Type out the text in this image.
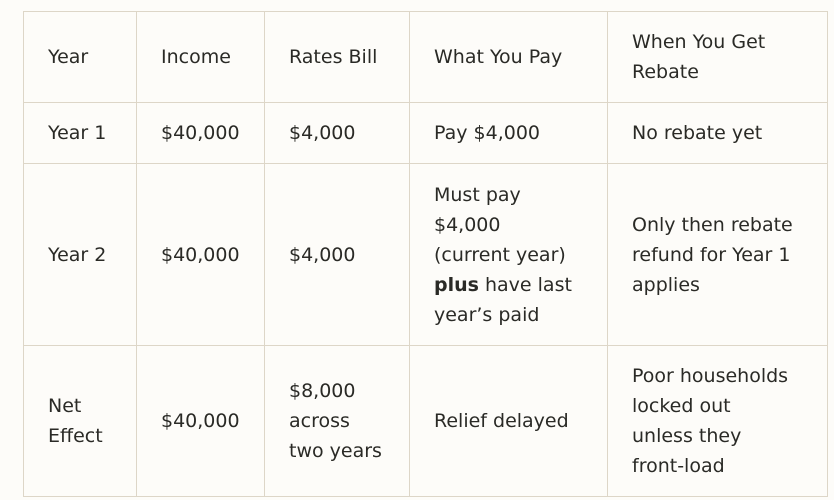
Year	Income	Rates Bill	What You Pay	When You Get Rebate
Year 1	$40,000	$4,000	Pay $4,000	No rebate yet
Year 2	$40,000	$4,000	Must pay $4,000 (current year) plus have last year’s paid	Only then rebate refund for Year 1 applies
Net Effect	$40,000	$8,000 across two years	Relief delayed	Poor households locked out unless they front-load
